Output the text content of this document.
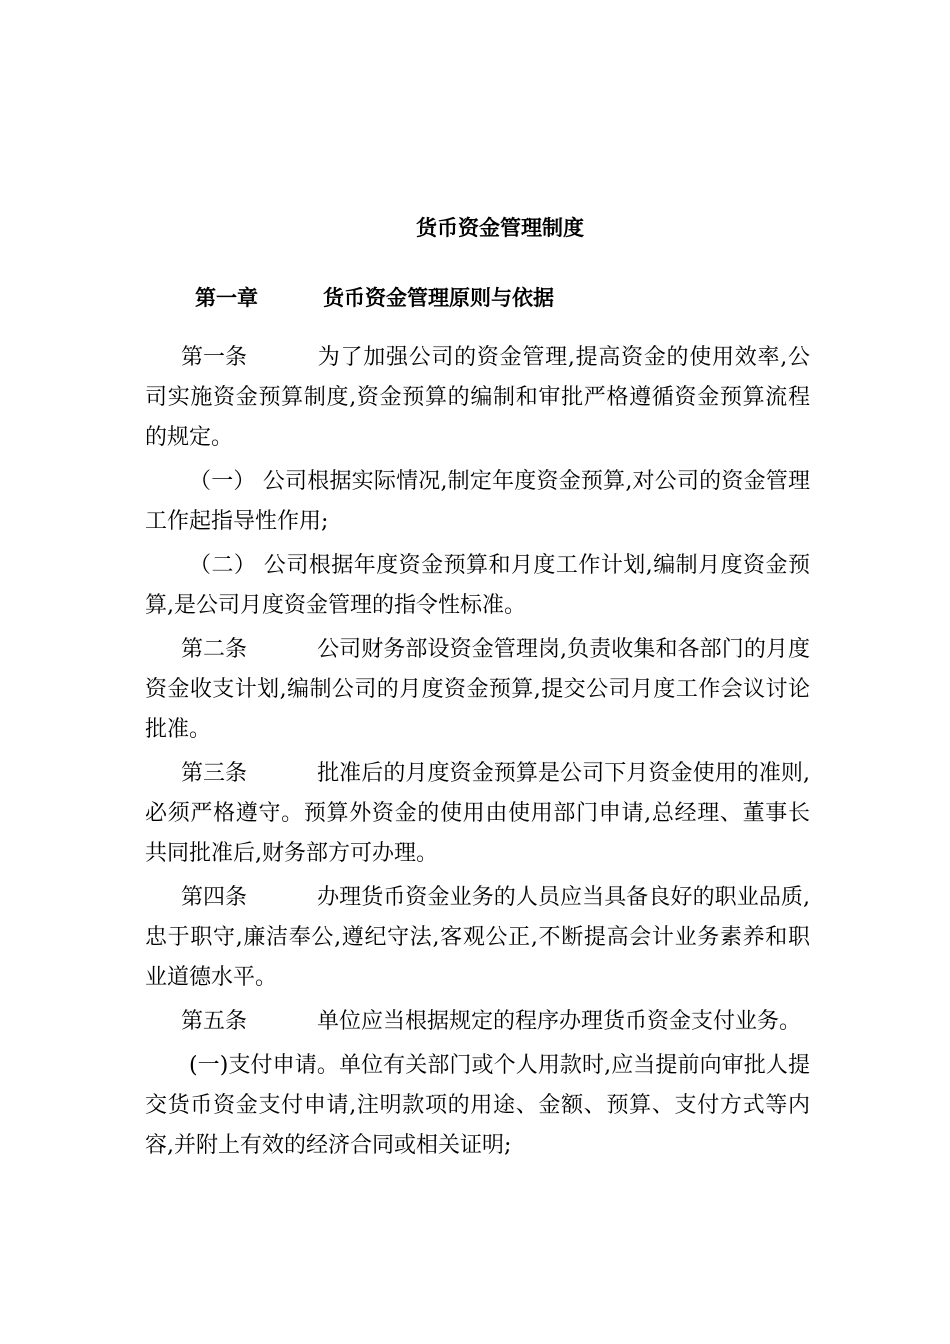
货币资金管理制度
第一章	货币资金管理原则与依据

第一条	为了加强公司的资金管理,提高资金的使用效率,公司实施资金预算制度,资金预算的编制和审批严格遵循资金预算流程的规定。

（一） 公司根据实际情况,制定年度资金预算,对公司的资金管理工作起指导性作用;

（二） 公司根据年度资金预算和月度工作计划,编制月度资金预算,是公司月度资金管理的指令性标准。

第二条	公司财务部设资金管理岗,负责收集和各部门的月度资金收支计划,编制公司的月度资金预算,提交公司月度工作会议讨论批准。

第三条	批准后的月度资金预算是公司下月资金使用的准则,必须严格遵守。预算外资金的使用由使用部门申请,总经理、董事长共同批准后,财务部方可办理。

第四条	办理货币资金业务的人员应当具备良好的职业品质,忠于职守,廉洁奉公,遵纪守法,客观公正,不断提高会计业务素养和职业道德水平。

第五条	单位应当根据规定的程序办理货币资金支付业务。

(一)支付申请。单位有关部门或个人用款时,应当提前向审批人提交货币资金支付申请,注明款项的用途、金额、预算、支付方式等内容,并附上有效的经济合同或相关证明;
